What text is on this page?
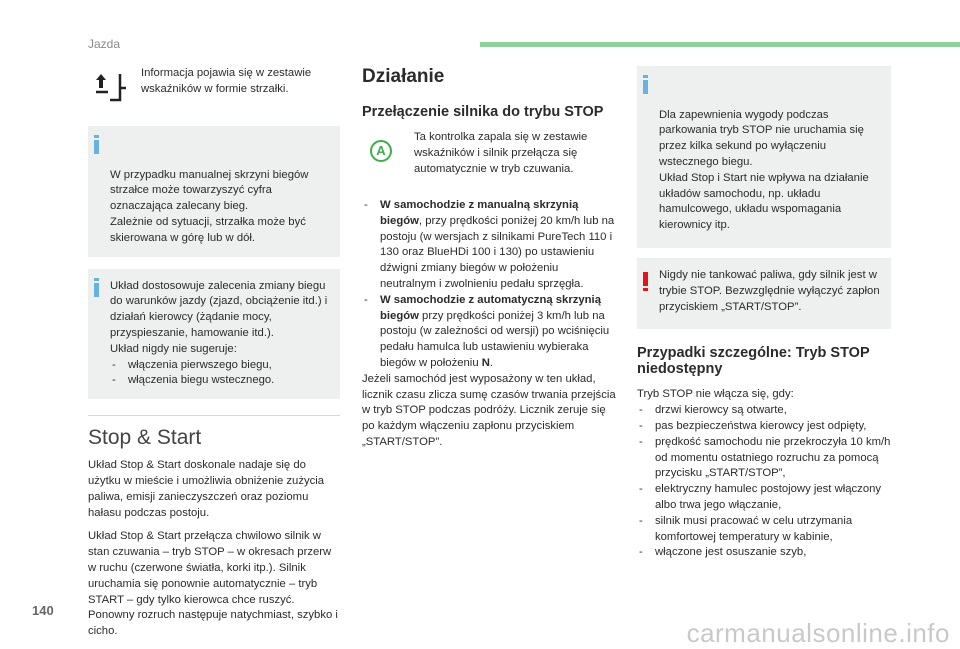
Jazda
Informacja pojawia się w zestawie wskaźników w formie strzałki.

W przypadku manualnej skrzyni biegów strzałce może towarzyszyć cyfra oznaczająca zalecany bieg.
Zależnie od sytuacji, strzałka może być skierowana w górę lub w dół.

Układ dostosowuje zalecenia zmiany biegu do warunków jazdy (zjazd, obciążenie itd.) i działań kierowcy (żądanie mocy, przyspieszanie, hamowanie itd.).
Układ nigdy nie sugeruje:
- włączenia pierwszego biegu,
- włączenia biegu wstecznego.
Stop & Start

Układ Stop & Start doskonale nadaje się do użytku w mieście i umożliwia obniżenie zużycia paliwa, emisji zanieczyszczeń oraz poziomu hałasu podczas postoju.

Układ Stop & Start przełącza chwilowo silnik w stan czuwania – tryb STOP – w okresach przerw w ruchu (czerwone światła, korki itp.). Silnik uruchamia się ponownie automatycznie – tryb START – gdy tylko kierowca chce ruszyć. Ponowny rozruch następuje natychmiast, szybko i cicho.

Działanie
Przełączenie silnika do trybu STOP
A
Ta kontrolka zapala się w zestawie wskaźników i silnik przełącza się automatycznie w tryb czuwania.
- W samochodzie z manualną skrzynią biegów, przy prędkości poniżej 20 km/h lub na postoju (w wersjach z silnikami PureTech 110 i 130 oraz BlueHDi 100 i 130) po ustawieniu dźwigni zmiany biegów w położeniu neutralnym i zwolnieniu pedału sprzęgła.
- W samochodzie z automatyczną skrzynią biegów przy prędkości poniżej 3 km/h lub na postoju (w zależności od wersji) po wciśnięciu pedału hamulca lub ustawieniu wybieraka biegów w położeniu N.

Jeżeli samochód jest wyposażony w ten układ, licznik czasu zlicza sumę czasów trwania przejścia w tryb STOP podczas podróży. Licznik zeruje się po każdym włączeniu zapłonu przyciskiem „START/STOP”.

Dla zapewnienia wygody podczas parkowania tryb STOP nie uruchamia się przez kilka sekund po wyłączeniu wstecznego biegu.
Układ Stop i Start nie wpływa na działanie układów samochodu, np. układu hamulcowego, układu wspomagania kierownicy itp.

Nigdy nie tankować paliwa, gdy silnik jest w trybie STOP. Bezwzględnie wyłączyć zapłon przyciskiem „START/STOP”.
Przypadki szczególne: Tryb STOP niedostępny

Tryb STOP nie włącza się, gdy:

- drzwi kierowcy są otwarte,
- pas bezpieczeństwa kierowcy jest odpięty,
- prędkość samochodu nie przekroczyła 10 km/h od momentu ostatniego rozruchu za pomocą przycisku „START/STOP”,
- elektryczny hamulec postojowy jest włączony albo trwa jego włączanie,
- silnik musi pracować w celu utrzymania komfortowej temperatury w kabinie,
- włączone jest osuszanie szyb,
140
carmanualsonline.info
